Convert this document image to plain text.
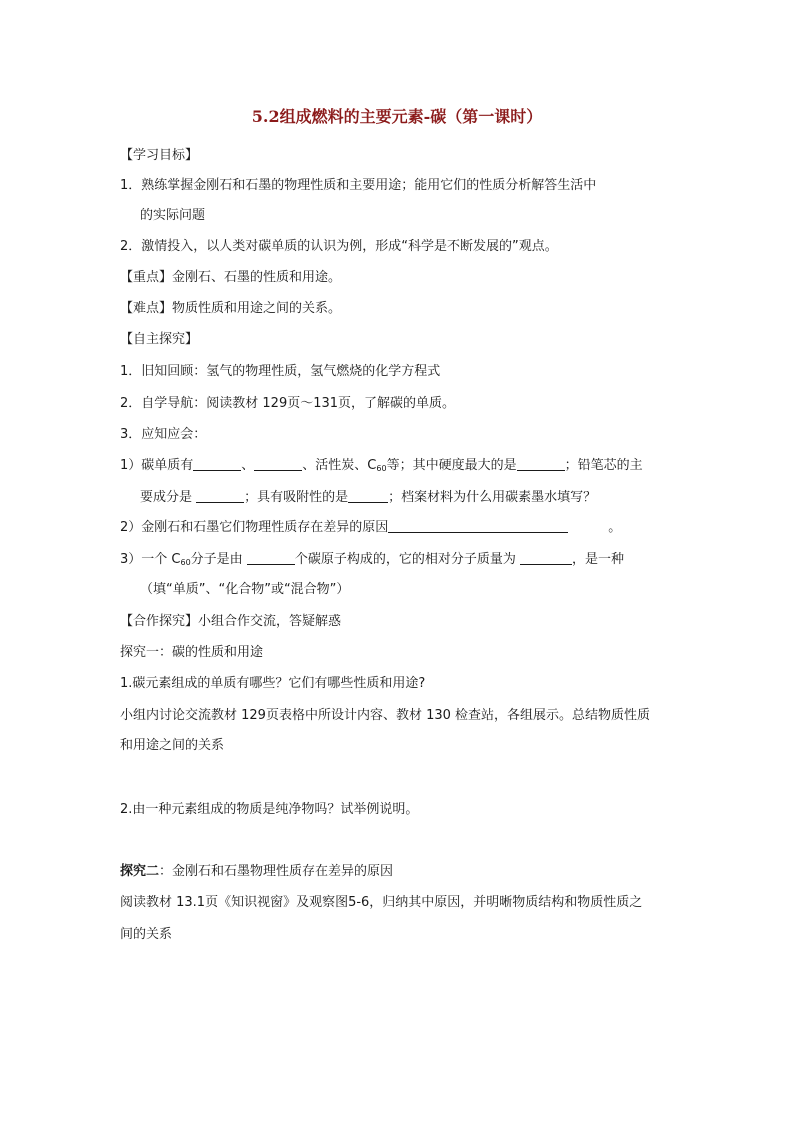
5.2组成燃料的主要元素-碳（第一课时）
【学习目标】
1．熟练掌握金刚石和石墨的物理性质和主要用途；能用它们的性质分析解答生活中
的实际问题
2．激情投入，以人类对碳单质的认识为例，形成“科学是不断发展的”观点。
【重点】金刚石、石墨的性质和用途。
【难点】物质性质和用途之间的关系。
【自主探究】
1．旧知回顾：氢气的物理性质，氢气燃烧的化学方程式
2．自学导航：阅读教材 129页～131页，了解碳的单质。
3．应知应会：
1）碳单质有	、	、活性炭、$C_{60}$等；其中硬度最大的是	；铅笔芯的主
要成分是	；具有吸附性的是	；档案材料为什么用碳素墨水填写？
2）金刚石和石墨它们物理性质存在差异的原因	。
3）一个 $C_{60}$分子是由	个碳原子构成的，它的相对分子质量为	，是一种
（填“单质”、“化合物”或“混合物”）
【合作探究】小组合作交流，答疑解惑
探究一：碳的性质和用途
1.碳元素组成的单质有哪些？它们有哪些性质和用途?
小组内讨论交流教材 129页表格中所设计内容、教材 130 检查站，各组展示。总结物质性质
和用途之间的关系
2.由一种元素组成的物质是纯净物吗？试举例说明。
探究二：金刚石和石墨物理性质存在差异的原因
阅读教材 13.1页《知识视窗》及观察图5-6，归纳其中原因，并明晰物质结构和物质性质之
间的关系
